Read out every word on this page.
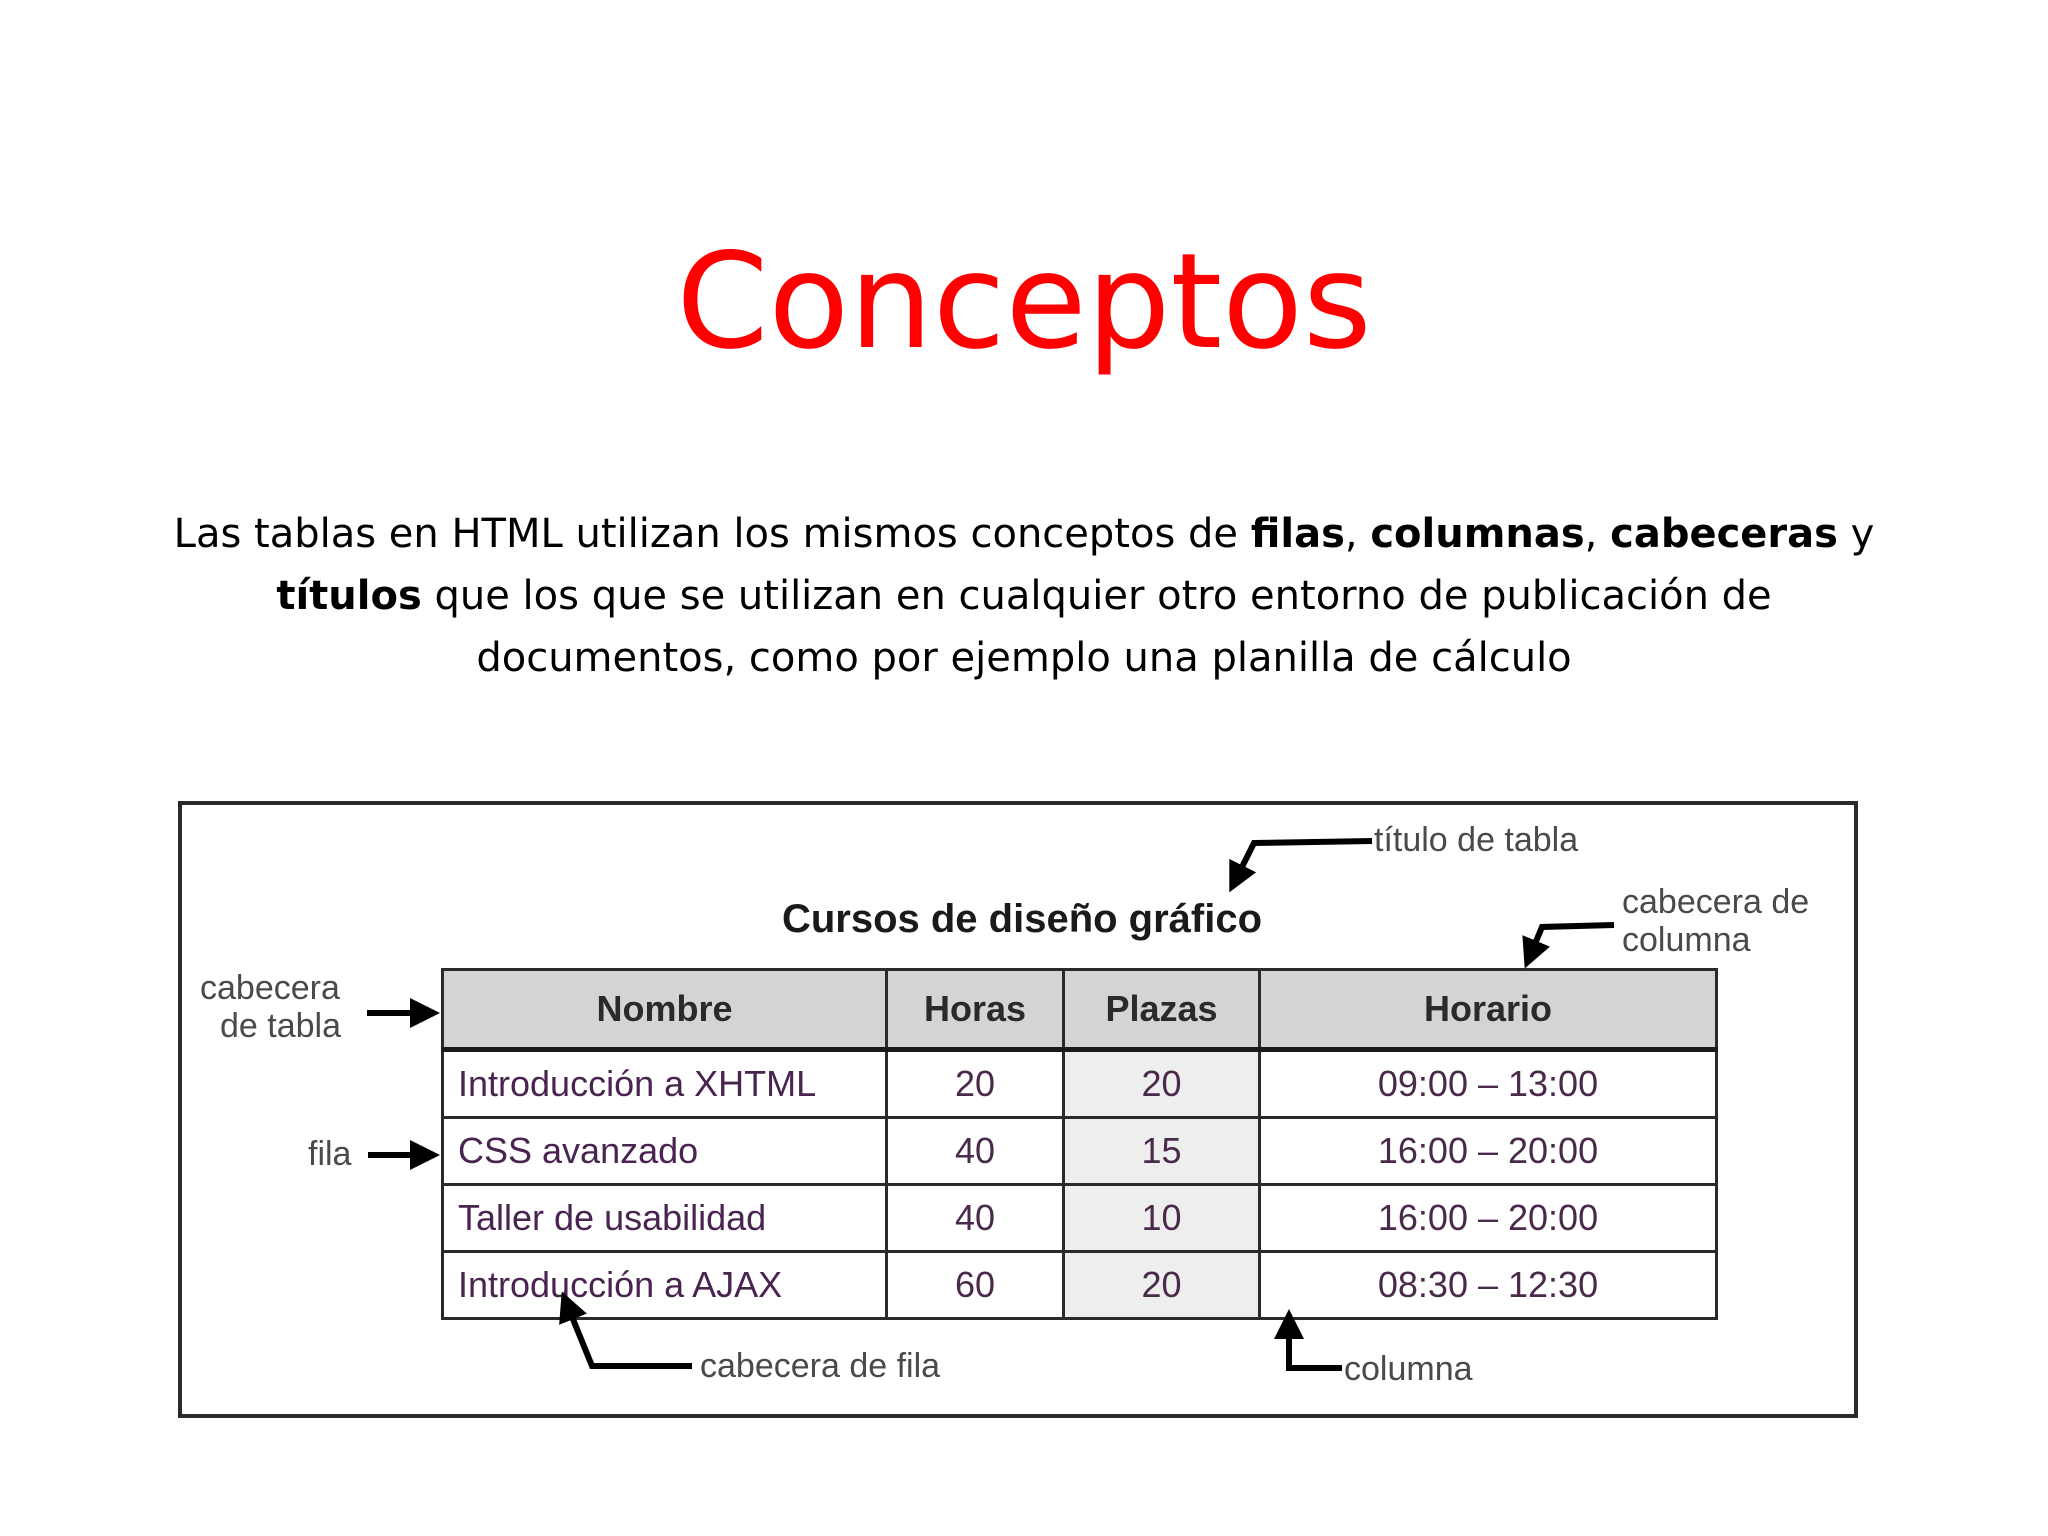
Conceptos

Las tablas en HTML utilizan los mismos conceptos de filas, columnas, cabeceras y títulos que los que se utilizan en cualquier otro entorno de publicación de documentos, como por ejemplo una planilla de cálculo

Cursos de diseño gráfico
Nombre	Horas	Plazas	Horario
Introducción a XHTML	20	20	09:00 – 13:00
CSS avanzado	40	15	16:00 – 20:00
Taller de usabilidad	40	10	16:00 – 20:00
Introducción a AJAX	60	20	08:30 – 12:30
título de tabla
cabecera de
columna
cabecera
de tabla
fila
cabecera de fila	columna
